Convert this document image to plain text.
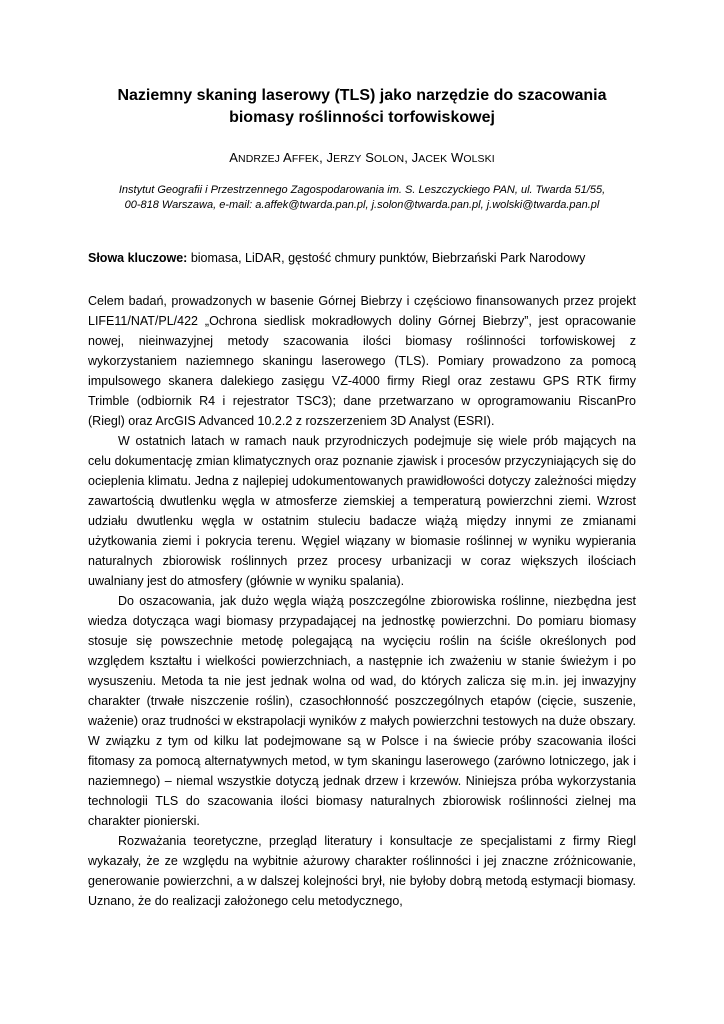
Naziemny skaning laserowy (TLS) jako narzędzie do szacowania biomasy roślinności torfowiskowej
ANDRZEJ AFFEK, JERZY SOLON, JACEK WOLSKI
Instytut Geografii i Przestrzennego Zagospodarowania im. S. Leszczyckiego PAN, ul. Twarda 51/55,
00-818 Warszawa, e-mail: a.affek@twarda.pan.pl, j.solon@twarda.pan.pl, j.wolski@twarda.pan.pl
Słowa kluczowe: biomasa, LiDAR, gęstość chmury punktów, Biebrzański Park Narodowy

Celem badań, prowadzonych w basenie Górnej Biebrzy i częściowo finansowanych przez projekt LIFE11/NAT/PL/422 „Ochrona siedlisk mokradłowych doliny Górnej Biebrzy”, jest opracowanie nowej, nieinwazyjnej metody szacowania ilości biomasy roślinności torfowiskowej z wykorzystaniem naziemnego skaningu laserowego (TLS). Pomiary prowadzono za pomocą impulsowego skanera dalekiego zasięgu VZ-4000 firmy Riegl oraz zestawu GPS RTK firmy Trimble (odbiornik R4 i rejestrator TSC3); dane przetwarzano w oprogramowaniu RiscanPro (Riegl) oraz ArcGIS Advanced 10.2.2 z rozszerzeniem 3D Analyst (ESRI).

W ostatnich latach w ramach nauk przyrodniczych podejmuje się wiele prób mających na celu dokumentację zmian klimatycznych oraz poznanie zjawisk i procesów przyczyniających się do ocieplenia klimatu. Jedna z najlepiej udokumentowanych prawidłowości dotyczy zależności między zawartością dwutlenku węgla w atmosferze ziemskiej a temperaturą powierzchni ziemi. Wzrost udziału dwutlenku węgla w ostatnim stuleciu badacze wiążą między innymi ze zmianami użytkowania ziemi i pokrycia terenu. Węgiel wiązany w biomasie roślinnej w wyniku wypierania naturalnych zbiorowisk roślinnych przez procesy urbanizacji w coraz większych ilościach uwalniany jest do atmosfery (głównie w wyniku spalania).

Do oszacowania, jak dużo węgla wiążą poszczególne zbiorowiska roślinne, niezbędna jest wiedza dotycząca wagi biomasy przypadającej na jednostkę powierzchni. Do pomiaru biomasy stosuje się powszechnie metodę polegającą na wycięciu roślin na ściśle określonych pod względem kształtu i wielkości powierzchniach, a następnie ich zważeniu w stanie świeżym i po wysuszeniu. Metoda ta nie jest jednak wolna od wad, do których zalicza się m.in. jej inwazyjny charakter (trwałe niszczenie roślin), czasochłonność poszczególnych etapów (cięcie, suszenie, ważenie) oraz trudności w ekstrapolacji wyników z małych powierzchni testowych na duże obszary. W związku z tym od kilku lat podejmowane są w Polsce i na świecie próby szacowania ilości fitomasy za pomocą alternatywnych metod, w tym skaningu laserowego (zarówno lotniczego, jak i naziemnego) – niemal wszystkie dotyczą jednak drzew i krzewów. Niniejsza próba wykorzystania technologii TLS do szacowania ilości biomasy naturalnych zbiorowisk roślinności zielnej ma charakter pionierski.

Rozważania teoretyczne, przegląd literatury i konsultacje ze specjalistami z firmy Riegl wykazały, że ze względu na wybitnie ażurowy charakter roślinności i jej znaczne zróżnicowanie, generowanie powierzchni, a w dalszej kolejności brył, nie byłoby dobrą metodą estymacji biomasy. Uznano, że do realizacji założonego celu metodycznego,
